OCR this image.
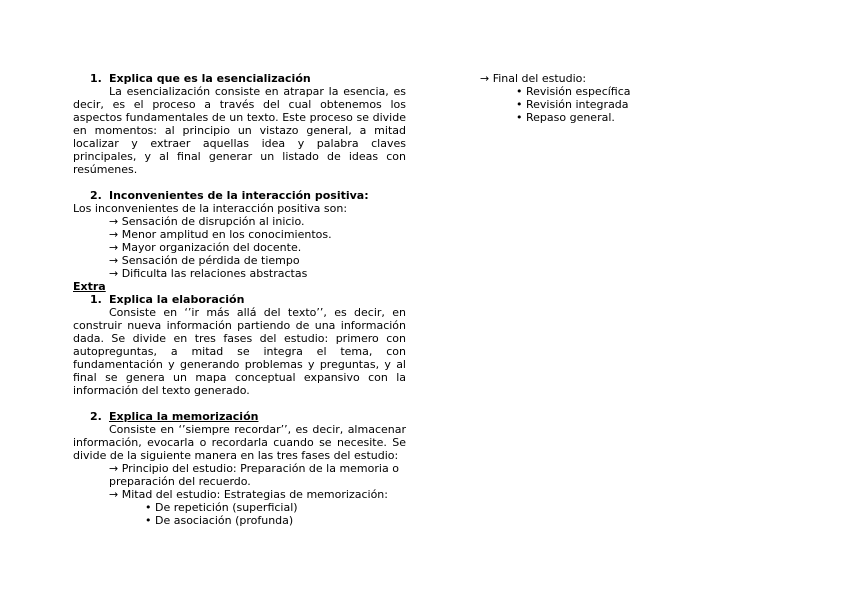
1. Explica que es la esencialización
La esencialización consiste en atrapar la esencia, es decir, es el proceso a través del cual obtenemos los aspectos fundamentales de un texto. Este proceso se divide en momentos: al principio un vistazo general, a mitad localizar y extraer aquellas idea y palabra claves principales, y al final generar un listado de ideas con resúmenes.
2. Inconvenientes de la interacción positiva:
Los inconvenientes de la interacción positiva son:
→ Sensación de disrupción al inicio.
→ Menor amplitud en los conocimientos.
→ Mayor organización del docente.
→ Sensación de pérdida de tiempo
→ Dificulta las relaciones abstractas
Extra
1. Explica la elaboración
Consiste en ‘’ir más allá del texto’’, es decir, en construir nueva información partiendo de una información dada. Se divide en tres fases del estudio: primero con autopreguntas, a mitad se integra el tema, con fundamentación y generando problemas y preguntas, y al final se genera un mapa conceptual expansivo con la información del texto generado.
2. Explica la memorización
Consiste en ‘’siempre recordar’’, es decir, almacenar información, evocarla o recordarla cuando se necesite. Se divide de la siguiente manera en las tres fases del estudio:
→ Principio del estudio: Preparación de la memoria o
preparación del recuerdo.
→ Mitad del estudio: Estrategias de memorización:
• De repetición (superficial)
• De asociación (profunda)
→ Final del estudio:
• Revisión específica
• Revisión integrada
• Repaso general.
